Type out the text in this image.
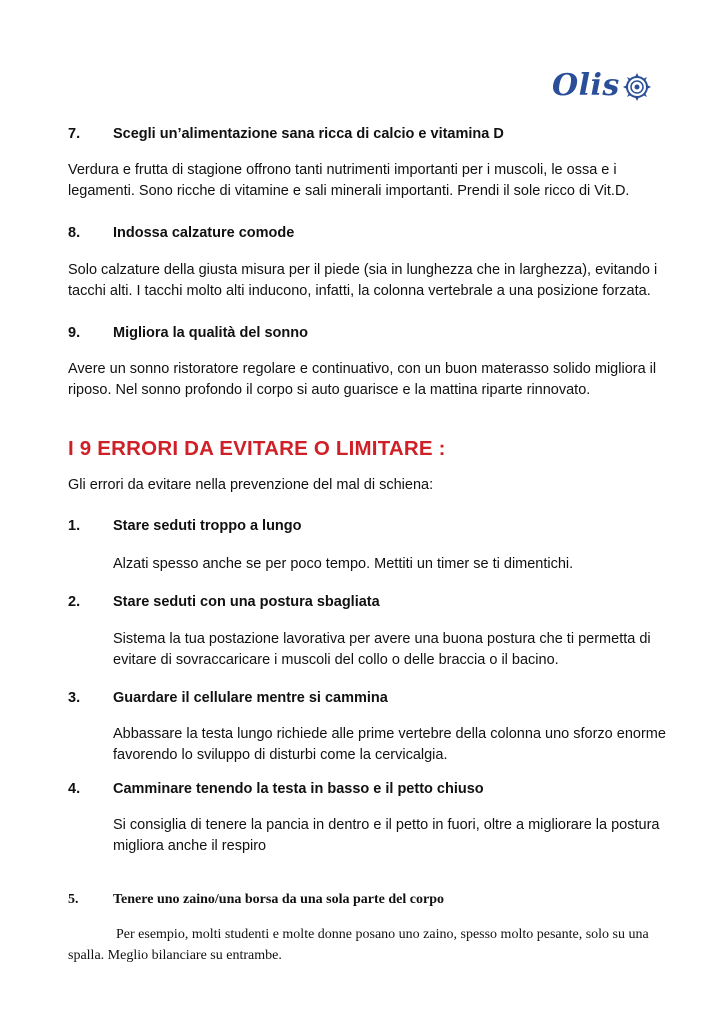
Olis

7.	Scegli un’alimentazione sana ricca di calcio e vitamina D

Verdura e frutta di stagione offrono tanti nutrimenti importanti per i muscoli, le ossa e i legamenti. Sono ricche di vitamine e sali minerali importanti. Prendi il sole ricco di Vit.D.

8.	Indossa calzature comode

Solo calzature della giusta misura per il piede (sia in lunghezza che in larghezza), evitando i tacchi alti. I tacchi molto alti inducono, infatti, la colonna vertebrale a una posizione forzata.

9.	Migliora la qualità del sonno

Avere un sonno ristoratore regolare e continuativo, con un buon materasso solido migliora il riposo. Nel sonno profondo il corpo si auto guarisce e la mattina riparte rinnovato.

I 9 ERRORI DA EVITARE O LIMITARE :

Gli errori da evitare nella prevenzione del mal di schiena:

1.	Stare seduti troppo a lungo

Alzati spesso anche se per poco tempo. Mettiti un timer se ti dimentichi.

2.	Stare seduti con una postura sbagliata

Sistema la tua postazione lavorativa per avere una buona postura che ti permetta di evitare di sovraccaricare i muscoli del collo o delle braccia o il bacino.

3.	Guardare il cellulare mentre si cammina

Abbassare la testa lungo richiede alle prime vertebre della colonna uno sforzo enorme favorendo lo sviluppo di disturbi come la cervicalgia.

4.	Camminare tenendo la testa in basso e il petto chiuso

Si consiglia di tenere la pancia in dentro e il petto in fuori, oltre a migliorare la postura migliora anche il respiro

5.	Tenere uno zaino/una borsa da una sola parte del corpo

Per esempio, molti studenti e molte donne posano uno zaino, spesso molto pesante, solo su una spalla. Meglio bilanciare su entrambe.
